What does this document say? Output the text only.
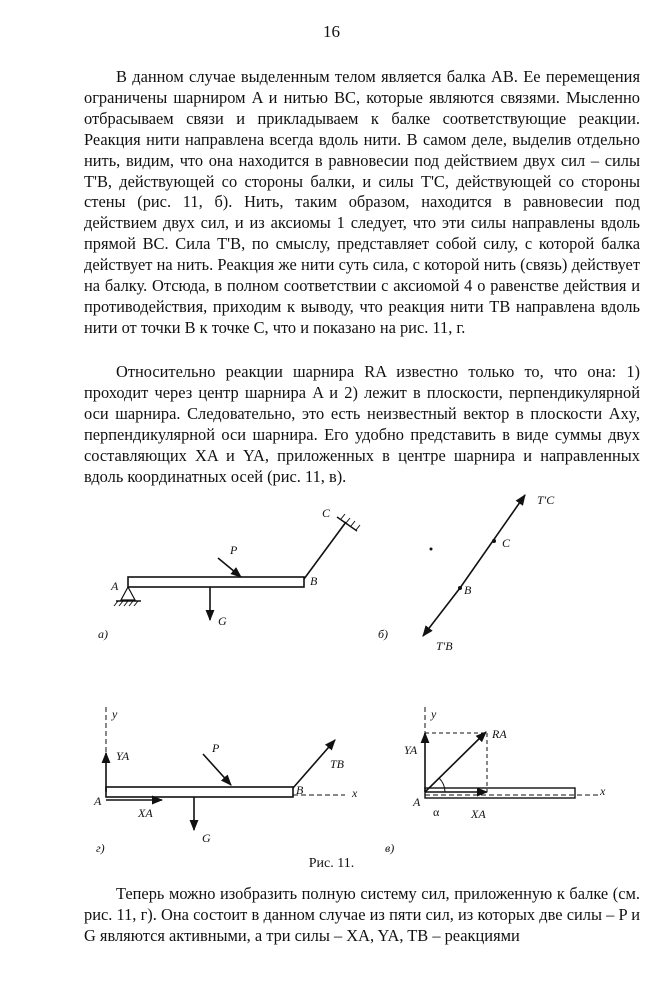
16

В данном случае выделенным телом является балка AB. Ее перемещения ограничены шарниром A и нитью BC, которые являются связями. Мысленно отбрасываем связи и прикладываем к балке соответствующие реакции. Реакция нити направлена всегда вдоль нити. В самом деле, выделив отдельно нить, видим, что она находится в равновесии под действием двух сил – силы T'B, действующей со стороны балки, и силы T'C, действующей со стороны стены (рис. 11, б). Нить, таким образом, находится в равновесии под действием двух сил, и из аксиомы 1 следует, что эти силы направлены вдоль прямой BC. Сила T'B, по смыслу, представляет собой силу, с которой балка действует на нить. Реакция же нити суть сила, с которой нить (связь) действует на балку. Отсюда, в полном соответствии с аксиомой 4 о равенстве действия и противодействия, приходим к выводу, что реакция нити TB направлена вдоль нити от точки B к точке C, что и показано на рис. 11, г.

Относительно реакции шарнира RA известно только то, что она: 1) проходит через центр шарнира A и 2) лежит в плоскости, перпендикулярной оси шарнира. Следовательно, это есть неизвестный вектор в плоскости Axy, перпендикулярной оси шарнира. Его удобно представить в виде суммы двух составляющих XA и YA, приложенных в центре шарнира и направленных вдоль координатных осей (рис. 11, в).

A	B
C
P
G
а)
C
B
T'C
T'B
б)
y
x
A
B
YA
XA
P
G
TB
г)
y
x
A
α
YA
XA
RA
в)
Рис. 11.

Теперь можно изобразить полную систему сил, приложенную к балке (см. рис. 11, г). Она состоит в данном случае из пяти сил, из которых две силы – P и G являются активными, а три силы – XA, YA, TB – реакциями
